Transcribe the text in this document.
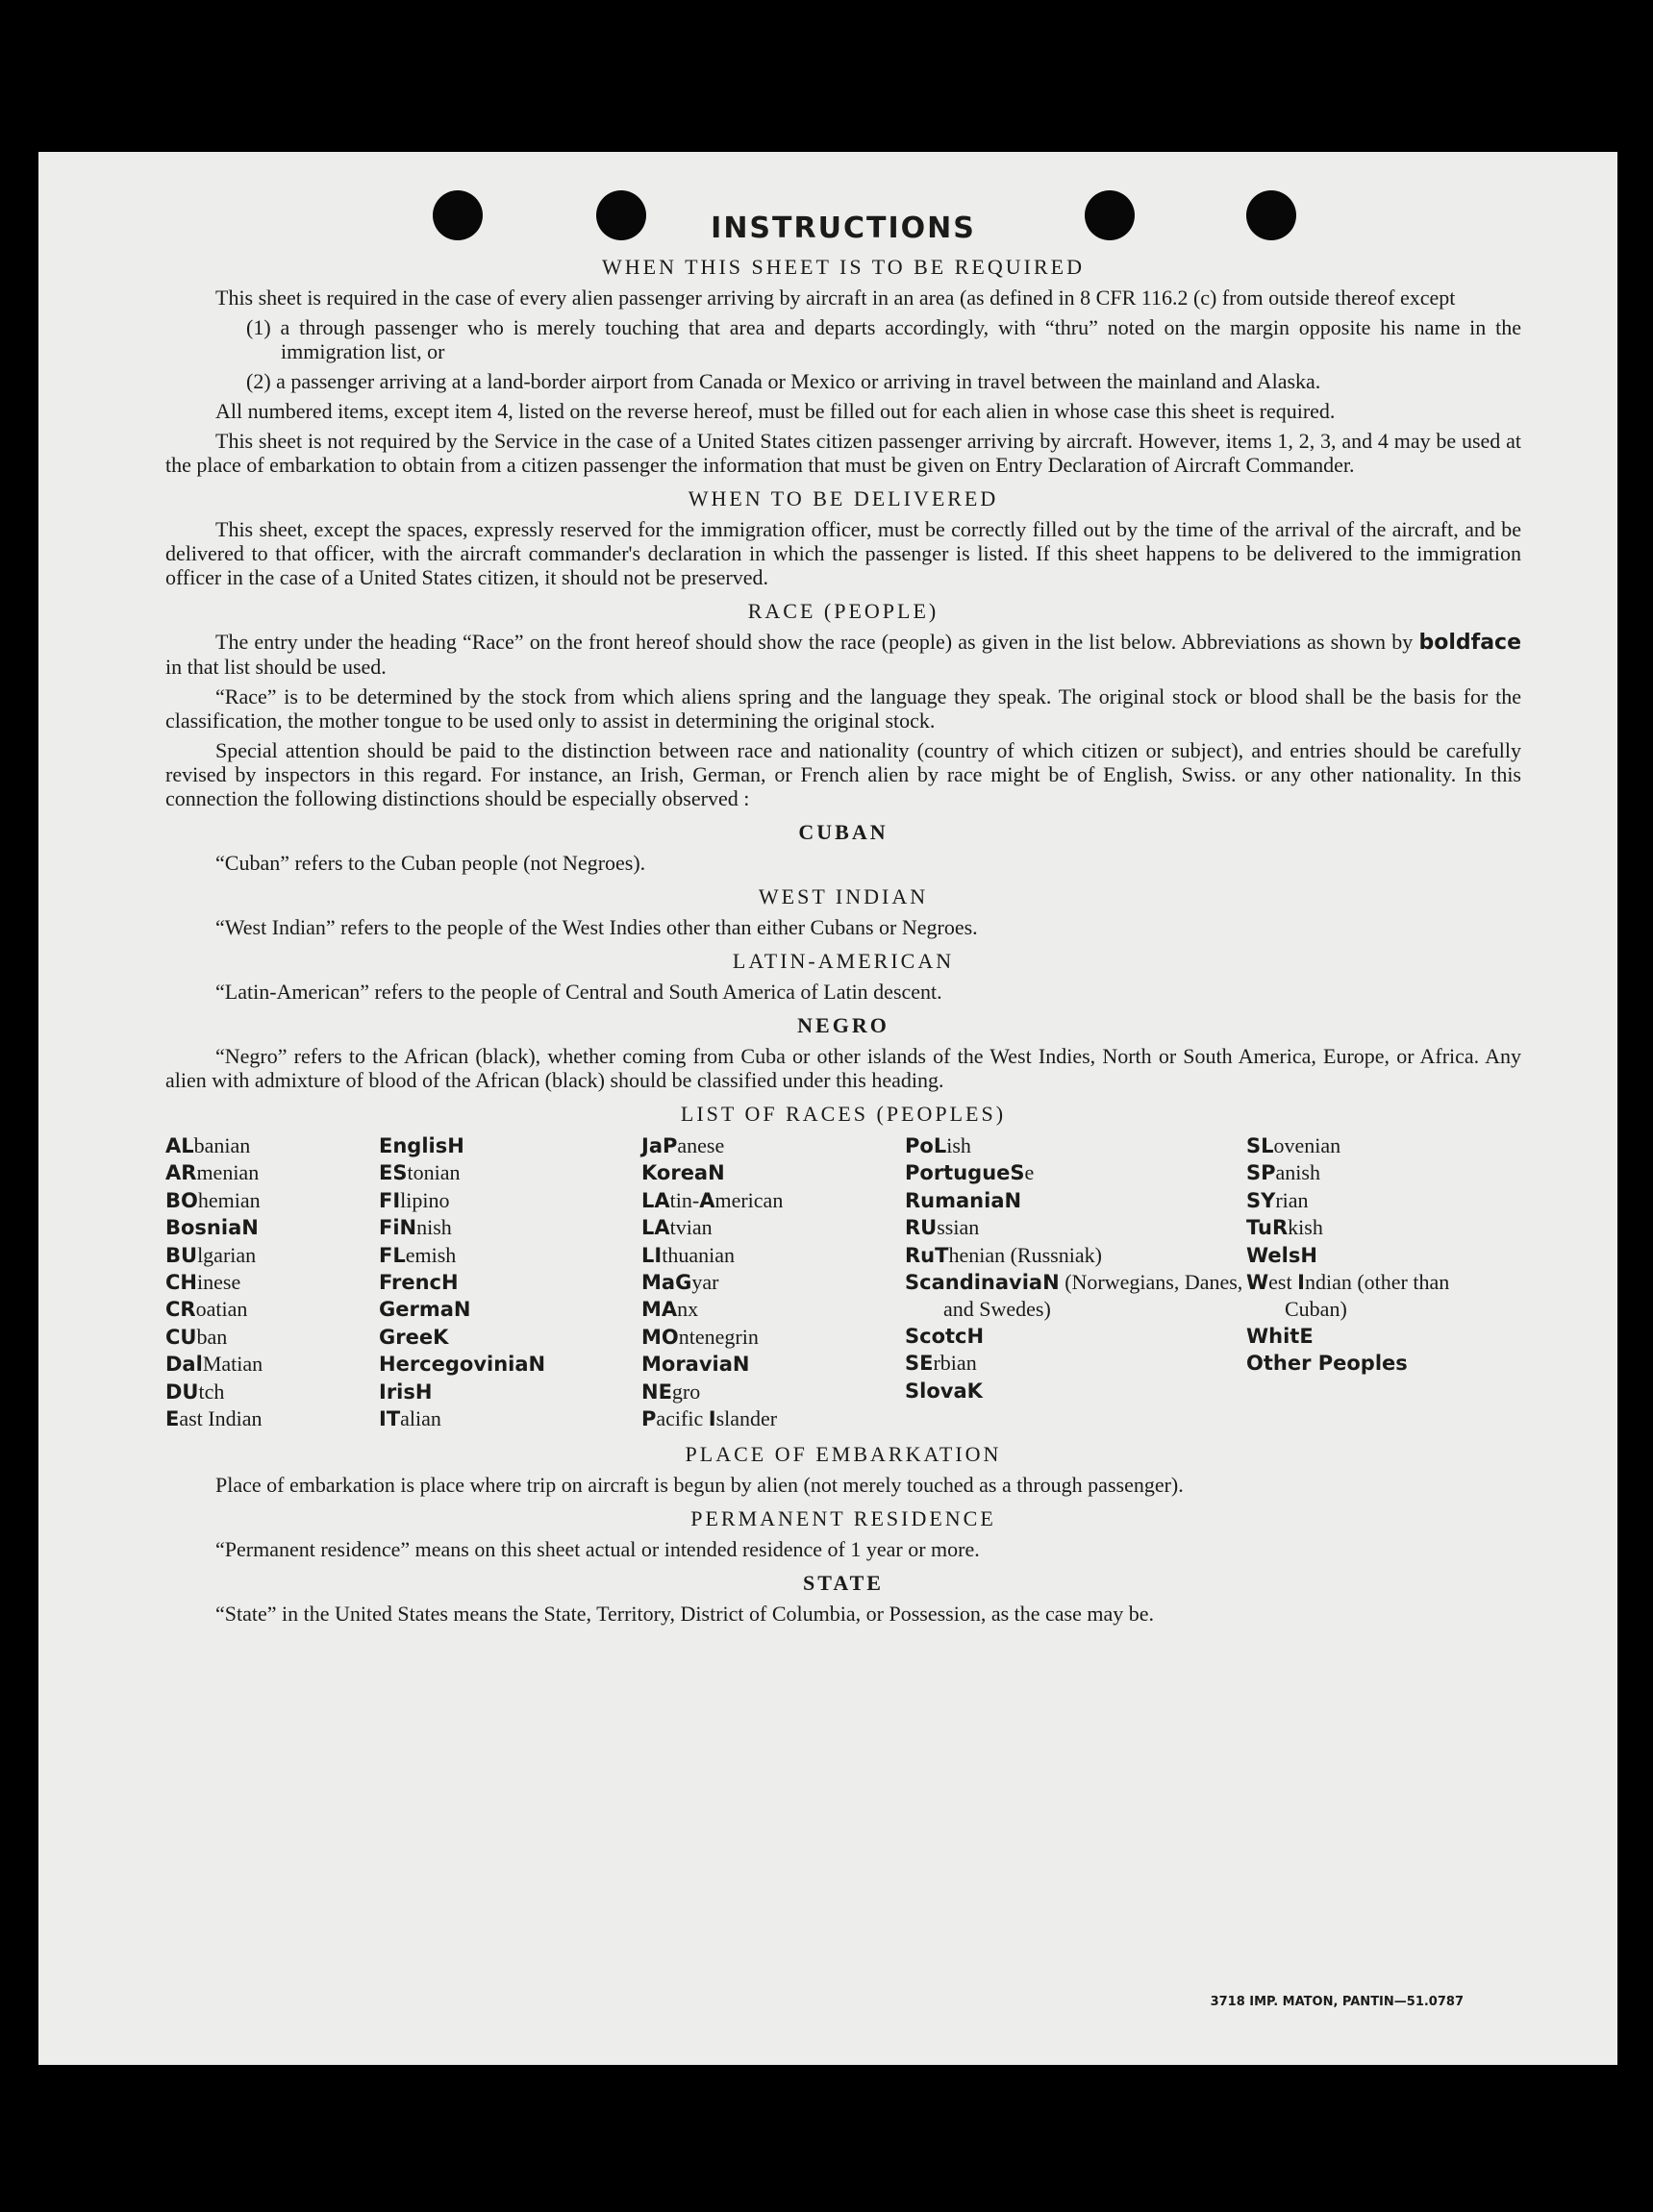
INSTRUCTIONS
WHEN THIS SHEET IS TO BE REQUIRED

This sheet is required in the case of every alien passenger arriving by aircraft in an area (as defined in 8 CFR 116.2 (c) from outside thereof except

(1) a through passenger who is merely touching that area and departs accordingly, with “thru” noted on the margin opposite his name in the immigration list, or

(2) a passenger arriving at a land-border airport from Canada or Mexico or arriving in travel between the mainland and Alaska.

All numbered items, except item 4, listed on the reverse hereof, must be filled out for each alien in whose case this sheet is required.

This sheet is not required by the Service in the case of a United States citizen passenger arriving by aircraft. However, items 1, 2, 3, and 4 may be used at the place of embarkation to obtain from a citizen passenger the information that must be given on Entry Declaration of Aircraft Commander.

WHEN TO BE DELIVERED

This sheet, except the spaces, expressly reserved for the immigration officer, must be correctly filled out by the time of the arrival of the aircraft, and be delivered to that officer, with the aircraft commander's declaration in which the passenger is listed. If this sheet happens to be delivered to the immigration officer in the case of a United States citizen, it should not be preserved.

RACE (PEOPLE)

The entry under the heading “Race” on the front hereof should show the race (people) as given in the list below. Abbreviations as shown by boldface in that list should be used.

“Race” is to be determined by the stock from which aliens spring and the language they speak. The original stock or blood shall be the basis for the classification, the mother tongue to be used only to assist in determining the original stock.

Special attention should be paid to the distinction between race and nationality (country of which citizen or subject), and entries should be carefully revised by inspectors in this regard. For instance, an Irish, German, or French alien by race might be of English, Swiss. or any other nationality. In this connection the following distinctions should be especially observed :

CUBAN

“Cuban” refers to the Cuban people (not Negroes).

WEST INDIAN

“West Indian” refers to the people of the West Indies other than either Cubans or Negroes.

LATIN-AMERICAN

“Latin-American” refers to the people of Central and South America of Latin descent.

NEGRO

“Negro” refers to the African (black), whether coming from Cuba or other islands of the West Indies, North or South America, Europe, or Africa. Any alien with admixture of blood of the African (black) should be classified under this heading.

LIST OF RACES (PEOPLES)
ALbanian
ARmenian
BOhemian
BosniaN
BUlgarian
CHinese
CRoatian
CUban
DalMatian
DUtch
East Indian
EnglisH
EStonian
FIlipino
FiNnish
FLemish
FrencH
GermaN
GreeK
HercegoviniaN
IrisH
ITalian
JaPanese
KoreaN
LAtin-American
LAtvian
LIthuanian
MaGyar
MAnx
MOntenegrin
MoraviaN
NEgro
Pacific Islander
PoLish
PortugueSe
RumaniaN
RUssian
RuThenian (Russniak)
ScandinaviaN (Norwegians, Danes, and Swedes)
ScotcH
SErbian
SlovaK
SLovenian
SPanish
SYrian
TuRkish
WelsH
West Indian (other than Cuban)
WhitE
Other Peoples
PLACE OF EMBARKATION

Place of embarkation is place where trip on aircraft is begun by alien (not merely touched as a through passenger).

PERMANENT RESIDENCE

“Permanent residence” means on this sheet actual or intended residence of 1 year or more.

STATE

“State” in the United States means the State, Territory, District of Columbia, or Possession, as the case may be.

3718 IMP. MATON, PANTIN—51.0787
